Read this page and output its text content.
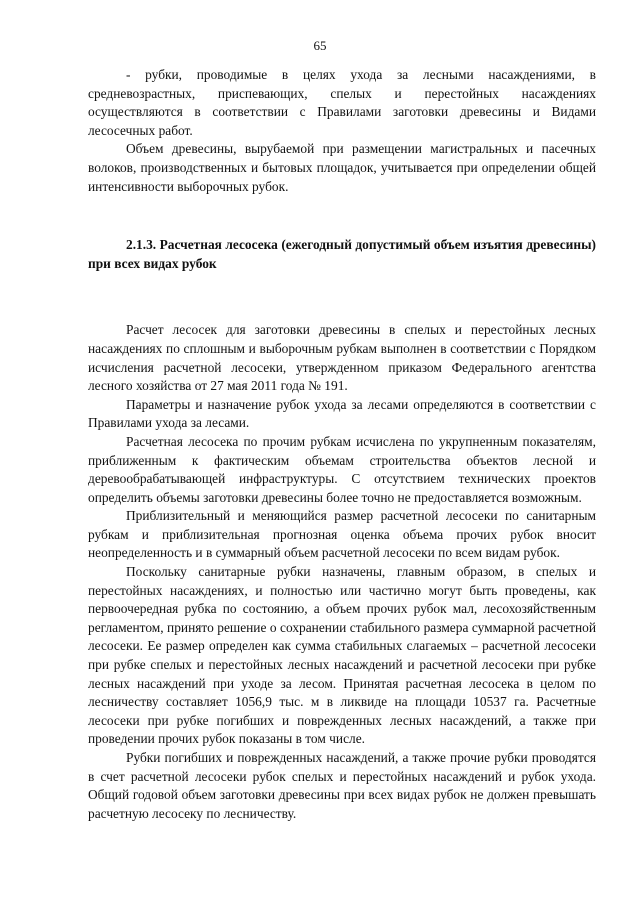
65

- рубки, проводимые в целях ухода за лесными насаждениями, в средневозрастных, приспевающих, спелых и перестойных насаждениях осуществляются в соответствии с Правилами заготовки древесины и Видами лесосечных работ.

Объем древесины, вырубаемой при размещении магистральных и пасечных волоков, производственных и бытовых площадок, учитывается при определении общей интенсивности выборочных рубок.

2.1.3. Расчетная лесосека (ежегодный допустимый объем изъятия древесины) при всех видах рубок

Расчет лесосек для заготовки древесины в спелых и перестойных лесных насаждениях по сплошным и выборочным рубкам выполнен в соответствии с Порядком исчисления расчетной лесосеки, утвержденном приказом Федерального агентства лесного хозяйства от 27 мая 2011 года № 191.

Параметры и назначение рубок ухода за лесами определяются в соответствии с Правилами ухода за лесами.

Расчетная лесосека по прочим рубкам исчислена по укрупненным показателям, приближенным к фактическим объемам строительства объектов лесной и деревообрабатывающей инфраструктуры. С отсутствием технических проектов определить объемы заготовки древесины более точно не предоставляется возможным.

Приблизительный и меняющийся размер расчетной лесосеки по санитарным рубкам и приблизительная прогнозная оценка объема прочих рубок вносит неопределенность и в суммарный объем расчетной лесосеки по всем видам рубок.

Поскольку санитарные рубки назначены, главным образом, в спелых и перестойных насаждениях, и полностью или частично могут быть проведены, как первоочередная рубка по состоянию, а объем прочих рубок мал, лесохозяйственным регламентом, принято решение о сохранении стабильного размера суммарной расчетной лесосеки. Ее размер определен как сумма стабильных слагаемых – расчетной лесосеки при рубке спелых и перестойных лесных насаждений и расчетной лесосеки при рубке лесных насаждений при уходе за лесом. Принятая расчетная лесосека в целом по лесничеству составляет 1056,9 тыс. м в ликвиде на площади 10537 га. Расчетные лесосеки при рубке погибших и поврежденных лесных насаждений, а также при проведении прочих рубок показаны в том числе.

Рубки погибших и поврежденных насаждений, а также прочие рубки проводятся в счет расчетной лесосеки рубок спелых и перестойных насаждений и рубок ухода. Общий годовой объем заготовки древесины при всех видах рубок не должен превышать расчетную лесосеку по лесничеству.
